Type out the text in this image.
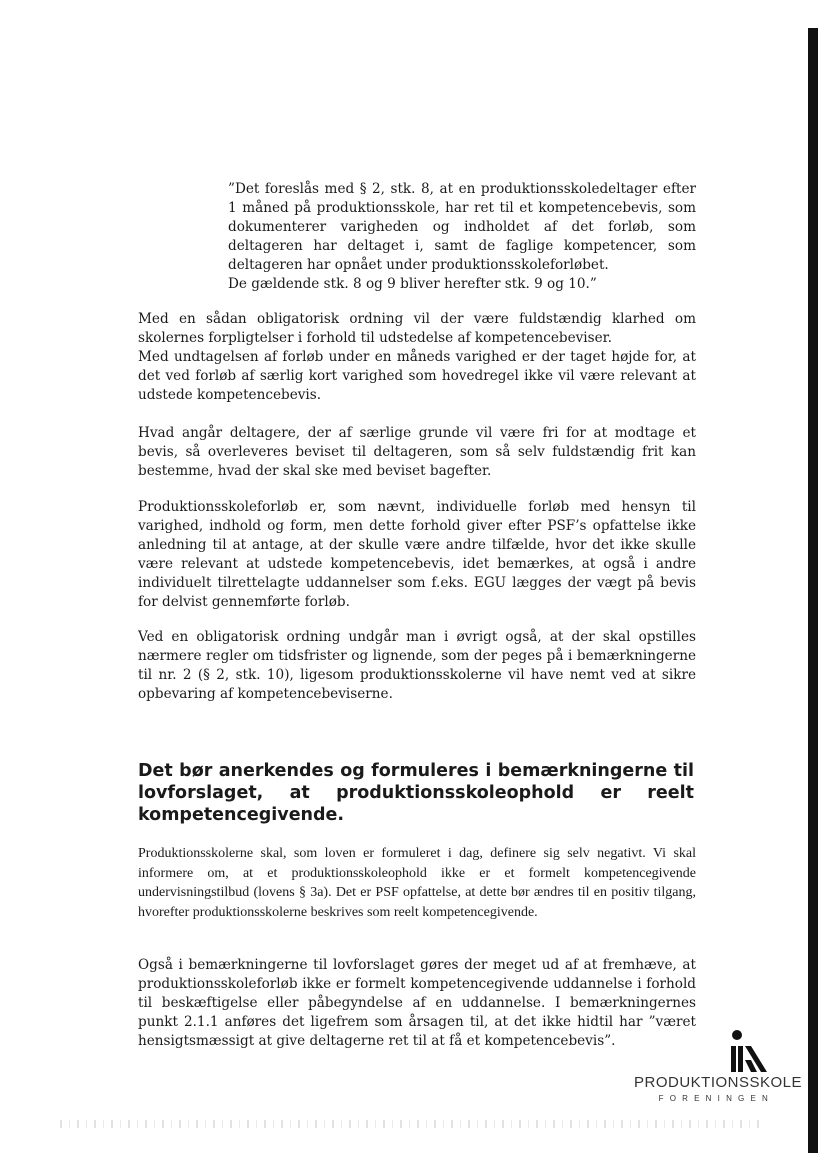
”Det foreslås med § 2, stk. 8, at en produktionsskoledeltager efter 1 måned på produktionsskole, har ret til et kompetencebevis, som dokumenterer varigheden og indholdet af det forløb, som deltageren har deltaget i, samt de faglige kompetencer, som deltageren har opnået under produktionsskoleforløbet.

De gældende stk. 8 og 9 bliver herefter stk. 9 og 10.”

Med en sådan obligatorisk ordning vil der være fuldstændig klarhed om skolernes forpligtelser i forhold til udstedelse af kompetencebeviser.

Med undtagelsen af forløb under en måneds varighed er der taget højde for, at det ved forløb af særlig kort varighed som hovedregel ikke vil være relevant at udstede kompetencebevis.

Hvad angår deltagere, der af særlige grunde vil være fri for at modtage et bevis, så overleveres beviset til deltageren, som så selv fuldstændig frit kan bestemme, hvad der skal ske med beviset bagefter.

Produktionsskoleforløb er, som nævnt, individuelle forløb med hensyn til varighed, indhold og form, men dette forhold giver efter PSF’s opfattelse ikke anledning til at antage, at der skulle være andre tilfælde, hvor det ikke skulle være relevant at udstede kompetencebevis, idet bemærkes, at også i andre individuelt tilrettelagte uddannelser som f.eks. EGU lægges der vægt på bevis for delvist gennemførte forløb.

Ved en obligatorisk ordning undgår man i øvrigt også, at der skal opstilles nærmere regler om tidsfrister og lignende, som der peges på i bemærkningerne til nr. 2 (§ 2, stk. 10), ligesom produktionsskolerne vil have nemt ved at sikre opbevaring af kompetencebeviserne.

Det bør anerkendes og formuleres i bemærkningerne til lovforslaget, at produktionsskoleophold er reelt kompetencegivende.

Produktionsskolerne skal, som loven er formuleret i dag, definere sig selv negativt. Vi skal informere om, at et produktionsskoleophold ikke er et formelt kompetencegivende undervisningstilbud (lovens § 3a). Det er PSF opfattelse, at dette bør ændres til en positiv tilgang, hvorefter produktionsskolerne beskrives som reelt kompetencegivende.

Også i bemærkningerne til lovforslaget gøres der meget ud af at fremhæve, at produktionsskoleforløb ikke er formelt kompetencegivende uddannelse i forhold til beskæftigelse eller påbegyndelse af en uddannelse. I bemærkningernes punkt 2.1.1 anføres det ligefrem som årsagen til, at det ikke hidtil har ”været hensigtsmæssigt at give deltagerne ret til at få et kompetencebevis”.

PRODUKTIONSSKOLE
FORENINGEN
